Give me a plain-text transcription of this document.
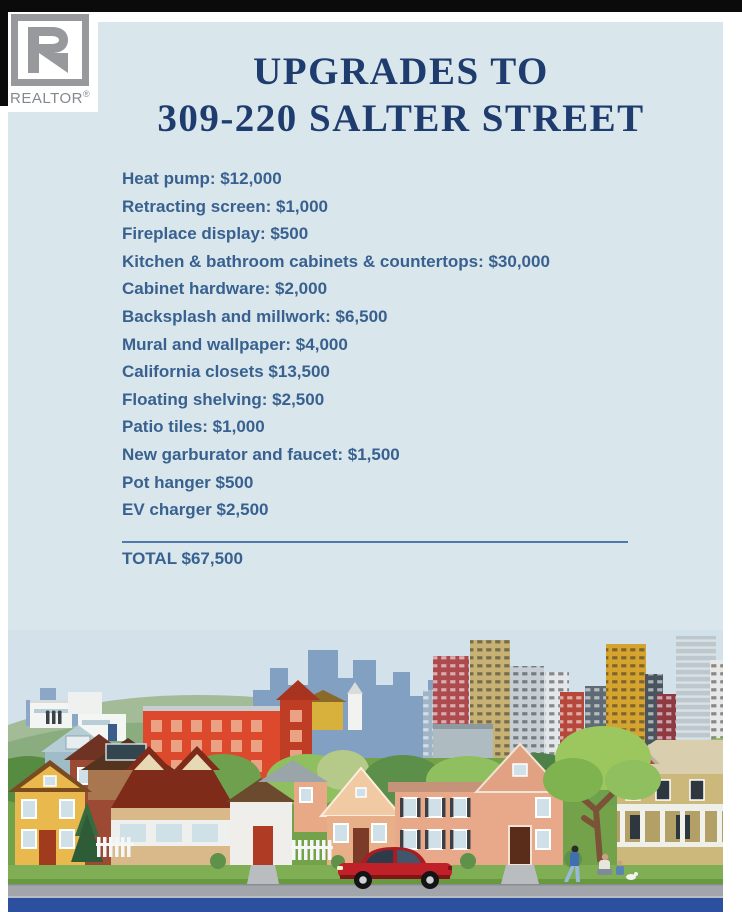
REALTOR®
UPGRADES TO
309-220 SALTER STREET
Heat pump: $12,000
Retracting screen: $1,000
Fireplace display: $500
Kitchen & bathroom cabinets & countertops: $30,000
Cabinet hardware: $2,000
Backsplash and millwork: $6,500
Mural and wallpaper: $4,000
California closets $13,500
Floating shelving: $2,500
Patio tiles: $1,000
New garburator and faucet: $1,500
Pot hanger $500
EV charger $2,500
TOTAL $67,500
